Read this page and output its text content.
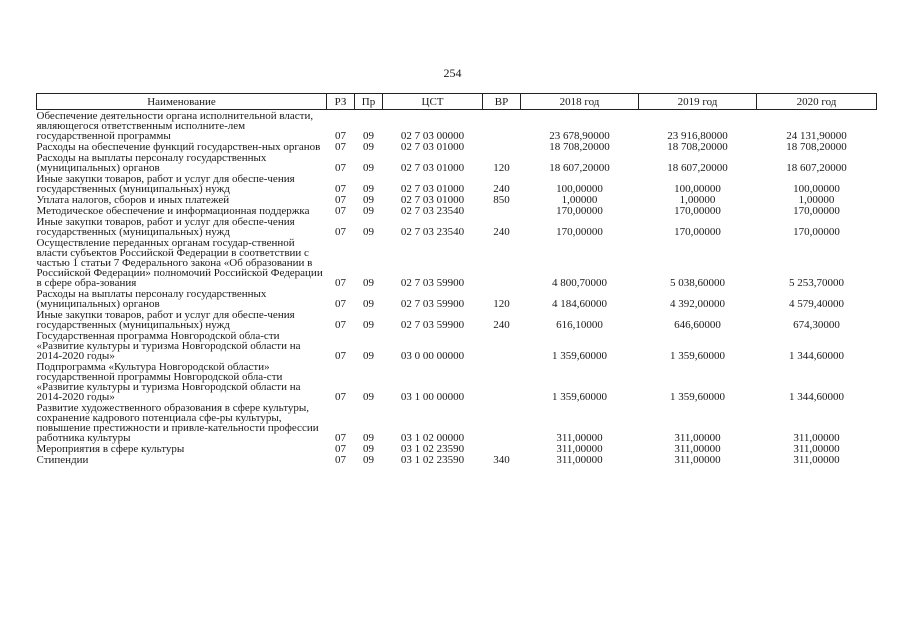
254
Наименование	РЗ	Пр	ЦСТ	ВР	2018 год	2019 год	2020 год
Обеспечение деятельности органа исполнительной власти, являющегося ответственным исполните-лем государственной программы	07	09	02 7 03 00000		23 678,90000	23 916,80000	24 131,90000
Расходы на обеспечение функций государствен-ных органов	07	09	02 7 03 01000		18 708,20000	18 708,20000	18 708,20000
Расходы на выплаты персоналу государственных (муниципальных) органов	07	09	02 7 03 01000	120	18 607,20000	18 607,20000	18 607,20000
Иные закупки товаров, работ и услуг для обеспе-чения государственных (муниципальных) нужд	07	09	02 7 03 01000	240	100,00000	100,00000	100,00000
Уплата налогов, сборов и иных платежей	07	09	02 7 03 01000	850	1,00000	1,00000	1,00000
Методическое обеспечение и информационная поддержка	07	09	02 7 03 23540		170,00000	170,00000	170,00000
Иные закупки товаров, работ и услуг для обеспе-чения государственных (муниципальных) нужд	07	09	02 7 03 23540	240	170,00000	170,00000	170,00000
Осуществление переданных органам государ-ственной власти субъектов Российской Федерации в соответствии с частью 1 статьи 7 Федерального закона «Об образовании в Российской Федерации» полномочий Российской Федерации в сфере обра-зования	07	09	02 7 03 59900		4 800,70000	5 038,60000	5 253,70000
Расходы на выплаты персоналу государственных (муниципальных) органов	07	09	02 7 03 59900	120	4 184,60000	4 392,00000	4 579,40000
Иные закупки товаров, работ и услуг для обеспе-чения государственных (муниципальных) нужд	07	09	02 7 03 59900	240	616,10000	646,60000	674,30000
Государственная программа Новгородской обла-сти «Развитие культуры и туризма Новгородской области на 2014-2020 годы»	07	09	03 0 00 00000		1 359,60000	1 359,60000	1 344,60000
Подпрограмма «Культура Новгородской области» государственной программы Новгородской обла-сти «Развитие культуры и туризма Новгородской области на 2014-2020 годы»	07	09	03 1 00 00000		1 359,60000	1 359,60000	1 344,60000
Развитие художественного образования в сфере культуры, сохранение кадрового потенциала сфе-ры культуры, повышение престижности и привле-кательности профессии работника культуры	07	09	03 1 02 00000		311,00000	311,00000	311,00000
Мероприятия в сфере культуры	07	09	03 1 02 23590		311,00000	311,00000	311,00000
Стипендии	07	09	03 1 02 23590	340	311,00000	311,00000	311,00000
